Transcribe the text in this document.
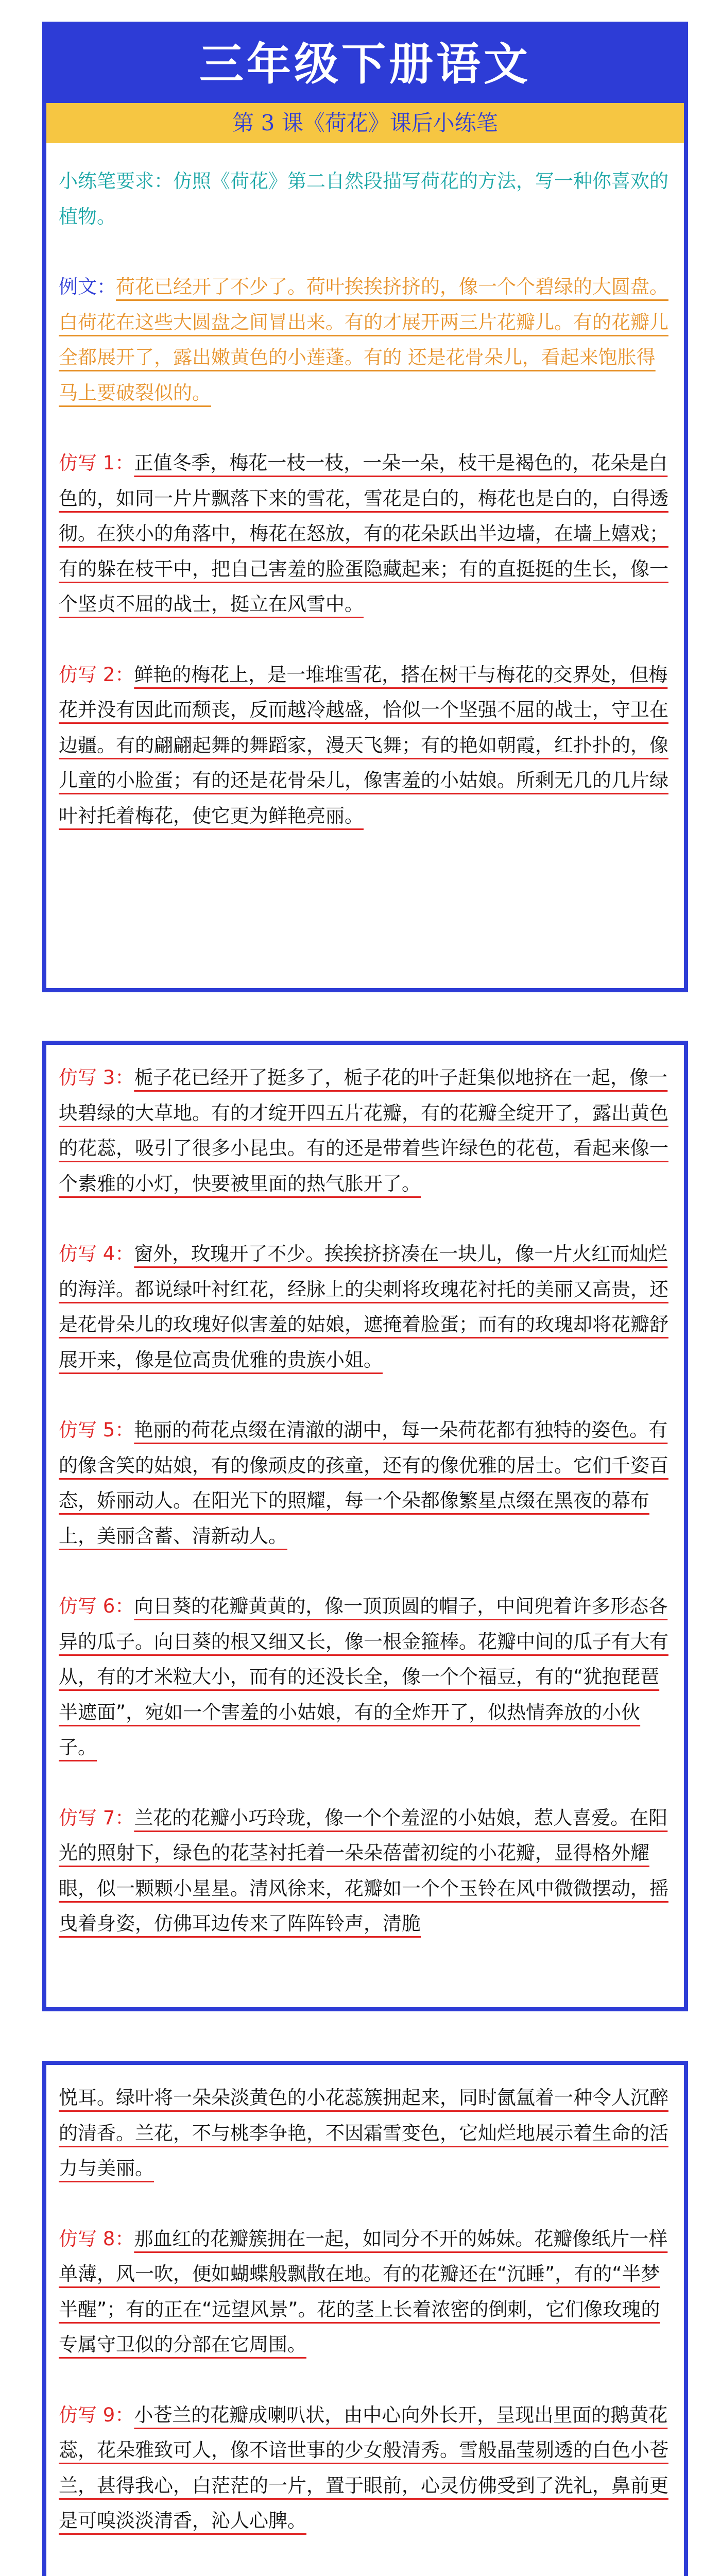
三年级下册语文
第 3 课《荷花》课后小练笔

小练笔要求：仿照《荷花》第二自然段描写荷花的方法，写一种你喜欢的植物。

例文：荷花已经开了不少了。荷叶挨挨挤挤的，像一个个碧绿的大圆盘。白荷花在这些大圆盘之间冒出来。有的才展开两三片花瓣儿。有的花瓣儿全都展开了，露出嫩黄色的小莲蓬。有的 还是花骨朵儿，看起来饱胀得马上要破裂似的。

仿写 1：正值冬季，梅花一枝一枝，一朵一朵，枝干是褐色的，花朵是白色的，如同一片片飘落下来的雪花，雪花是白的，梅花也是白的，白得透彻。在狭小的角落中，梅花在怒放，有的花朵跃出半边墙，在墙上嬉戏；有的躲在枝干中，把自己害羞的脸蛋隐藏起来；有的直挺挺的生长，像一个坚贞不屈的战士，挺立在风雪中。

仿写 2：鲜艳的梅花上，是一堆堆雪花，搭在树干与梅花的交界处，但梅花并没有因此而颓丧，反而越冷越盛，恰似一个坚强不屈的战士，守卫在边疆。有的翩翩起舞的舞蹈家，漫天飞舞；有的艳如朝霞，红扑扑的，像儿童的小脸蛋；有的还是花骨朵儿，像害羞的小姑娘。所剩无几的几片绿叶衬托着梅花，使它更为鲜艳亮丽。

仿写 3：栀子花已经开了挺多了，栀子花的叶子赶集似地挤在一起，像一块碧绿的大草地。有的才绽开四五片花瓣，有的花瓣全绽开了，露出黄色的花蕊，吸引了很多小昆虫。有的还是带着些许绿色的花苞，看起来像一个素雅的小灯，快要被里面的热气胀开了。

仿写 4：窗外，玫瑰开了不少。挨挨挤挤凑在一块儿，像一片火红而灿烂的海洋。都说绿叶衬红花，经脉上的尖刺将玫瑰花衬托的美丽又高贵，还是花骨朵儿的玫瑰好似害羞的姑娘，遮掩着脸蛋；而有的玫瑰却将花瓣舒展开来，像是位高贵优雅的贵族小姐。

仿写 5：艳丽的荷花点缀在清澈的湖中，每一朵荷花都有独特的姿色。有的像含笑的姑娘，有的像顽皮的孩童，还有的像优雅的居士。它们千姿百态，娇丽动人。在阳光下的照耀，每一个朵都像繁星点缀在黑夜的幕布上，美丽含蓄、清新动人。

仿写 6：向日葵的花瓣黄黄的，像一顶顶圆的帽子，中间兜着许多形态各异的瓜子。向日葵的根又细又长，像一根金箍棒。花瓣中间的瓜子有大有从，有的才米粒大小，而有的还没长全，像一个个福豆，有的“犹抱琵琶半遮面”，宛如一个害羞的小姑娘，有的全炸开了，似热情奔放的小伙子。

仿写 7：兰花的花瓣小巧玲珑，像一个个羞涩的小姑娘，惹人喜爱。在阳光的照射下，绿色的花茎衬托着一朵朵蓓蕾初绽的小花瓣，显得格外耀眼，似一颗颗小星星。清风徐来，花瓣如一个个玉铃在风中微微摆动，摇曳着身姿，仿佛耳边传来了阵阵铃声，清脆

悦耳。绿叶将一朵朵淡黄色的小花蕊簇拥起来，同时氤氲着一种令人沉醉的清香。兰花，不与桃李争艳，不因霜雪变色，它灿烂地展示着生命的活力与美丽。

仿写 8：那血红的花瓣簇拥在一起，如同分不开的姊妹。花瓣像纸片一样单薄，风一吹，便如蝴蝶般飘散在地。有的花瓣还在“沉睡”，有的“半梦半醒”；有的正在“远望风景”。花的茎上长着浓密的倒刺，它们像玫瑰的专属守卫似的分部在它周围。

仿写 9：小苍兰的花瓣成喇叭状，由中心向外长开，呈现出里面的鹅黄花蕊，花朵雅致可人，像不谙世事的少女般清秀。雪般晶莹剔透的白色小苍兰，甚得我心，白茫茫的一片，置于眼前，心灵仿佛受到了洗礼，鼻前更是可嗅淡淡清香，沁人心脾。
